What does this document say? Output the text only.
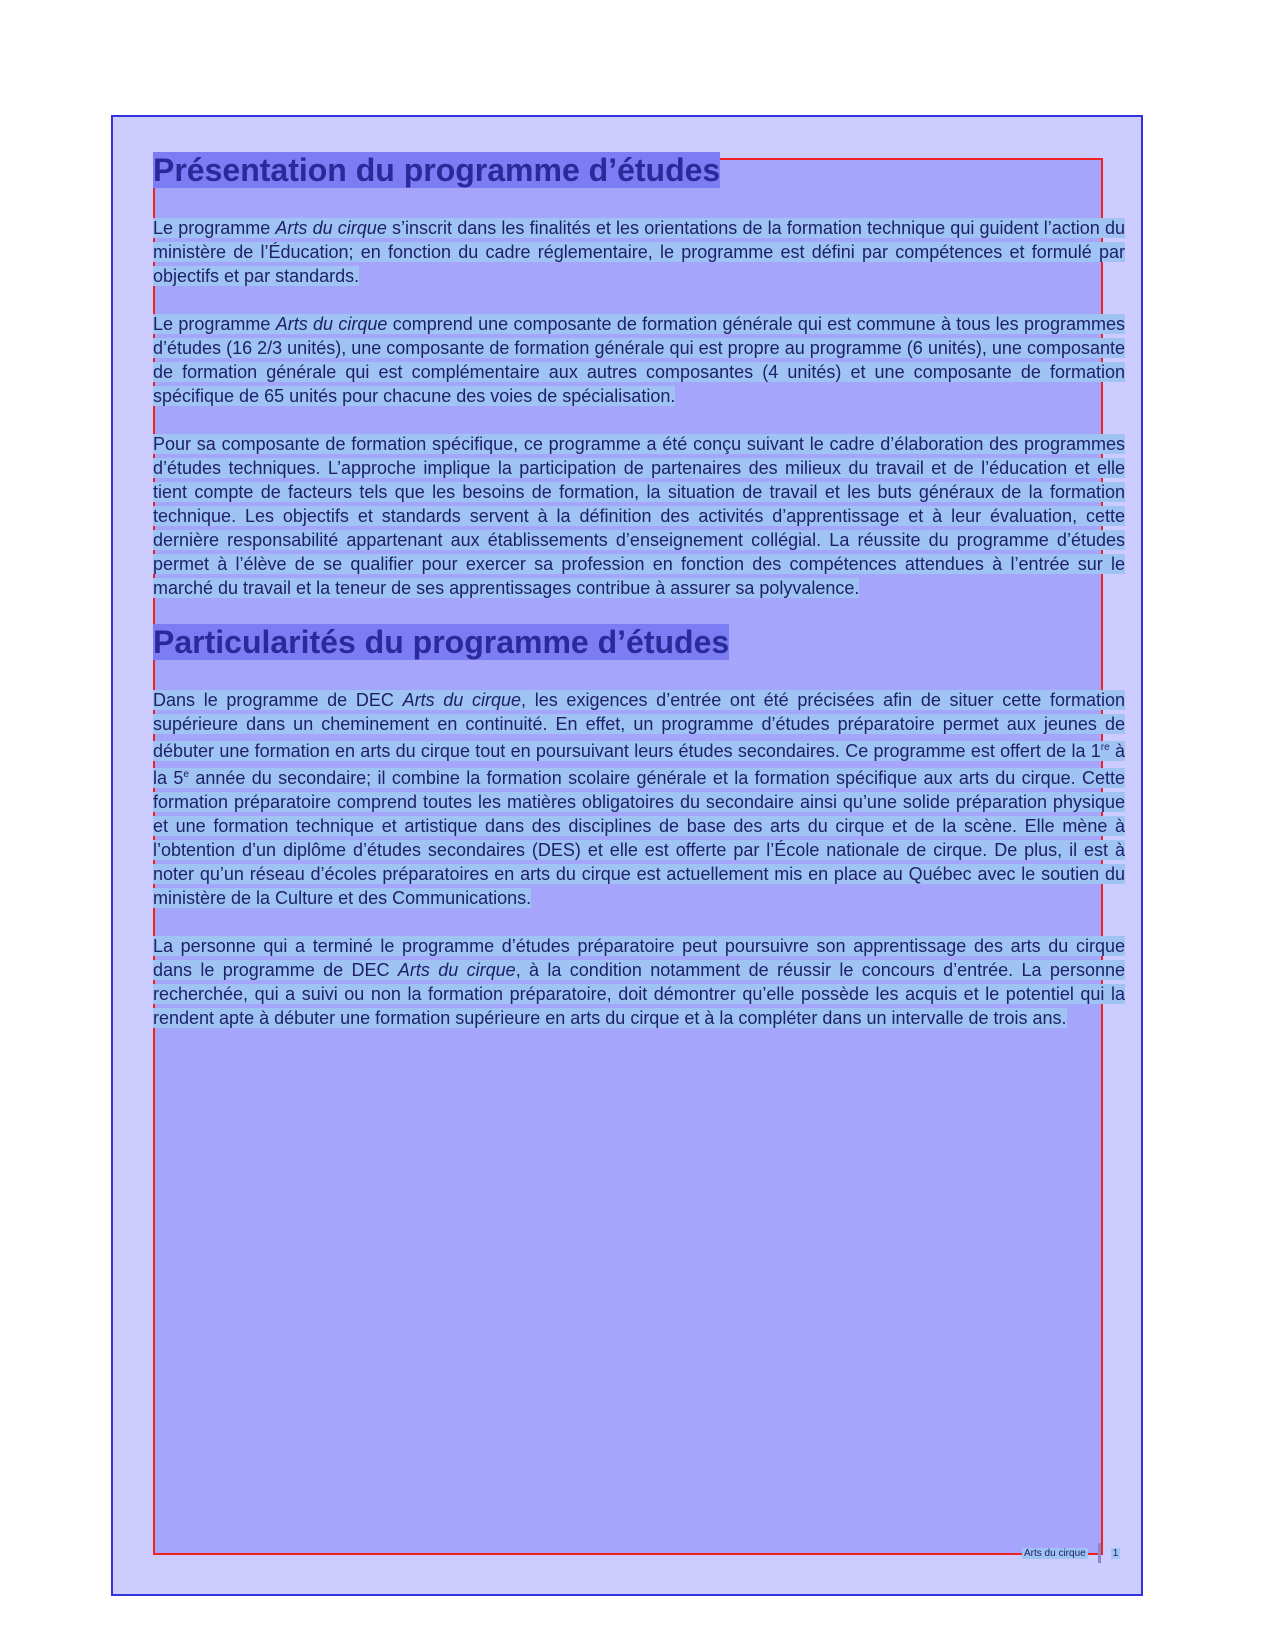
Présentation du programme d’études

Le programme Arts du cirque s’inscrit dans les finalités et les orientations de la formation technique qui guident l’action du ministère de l’Éducation; en fonction du cadre réglementaire, le programme est défini par compétences et formulé par objectifs et par standards.

Le programme Arts du cirque comprend une composante de formation générale qui est commune à tous les programmes d’études (16 2/3 unités), une composante de formation générale qui est propre au programme (6 unités), une composante de formation générale qui est complémentaire aux autres composantes (4 unités) et une composante de formation spécifique de 65 unités pour chacune des voies de spécialisation.

Pour sa composante de formation spécifique, ce programme a été conçu suivant le cadre d’élaboration des programmes d’études techniques. L’approche implique la participation de partenaires des milieux du travail et de l’éducation et elle tient compte de facteurs tels que les besoins de formation, la situation de travail et les buts généraux de la formation technique. Les objectifs et standards servent à la définition des activités d’apprentissage et à leur évaluation, cette dernière responsabilité appartenant aux établissements d’enseignement collégial. La réussite du programme d’études permet à l’élève de se qualifier pour exercer sa profession en fonction des compétences attendues à l’entrée sur le marché du travail et la teneur de ses apprentissages contribue à assurer sa polyvalence.

Particularités du programme d’études

Dans le programme de DEC Arts du cirque, les exigences d’entrée ont été précisées afin de situer cette formation supérieure dans un cheminement en continuité. En effet, un programme d’études préparatoire permet aux jeunes de débuter une formation en arts du cirque tout en poursuivant leurs études secondaires. Ce programme est offert de la 1re à la 5e année du secondaire; il combine la formation scolaire générale et la formation spécifique aux arts du cirque. Cette formation préparatoire comprend toutes les matières obligatoires du secondaire ainsi qu’une solide préparation physique et une formation technique et artistique dans des disciplines de base des arts du cirque et de la scène. Elle mène à l’obtention d’un diplôme d’études secondaires (DES) et elle est offerte par l’École nationale de cirque. De plus, il est à noter qu’un réseau d’écoles préparatoires en arts du cirque est actuellement mis en place au Québec avec le soutien du ministère de la Culture et des Communications.

La personne qui a terminé le programme d’études préparatoire peut poursuivre son apprentissage des arts du cirque dans le programme de DEC Arts du cirque, à la condition notamment de réussir le concours d’entrée. La personne recherchée, qui a suivi ou non la formation préparatoire, doit démontrer qu’elle possède les acquis et le potentiel qui la rendent apte à débuter une formation supérieure en arts du cirque et à la compléter dans un intervalle de trois ans.

Arts du cirque	1
